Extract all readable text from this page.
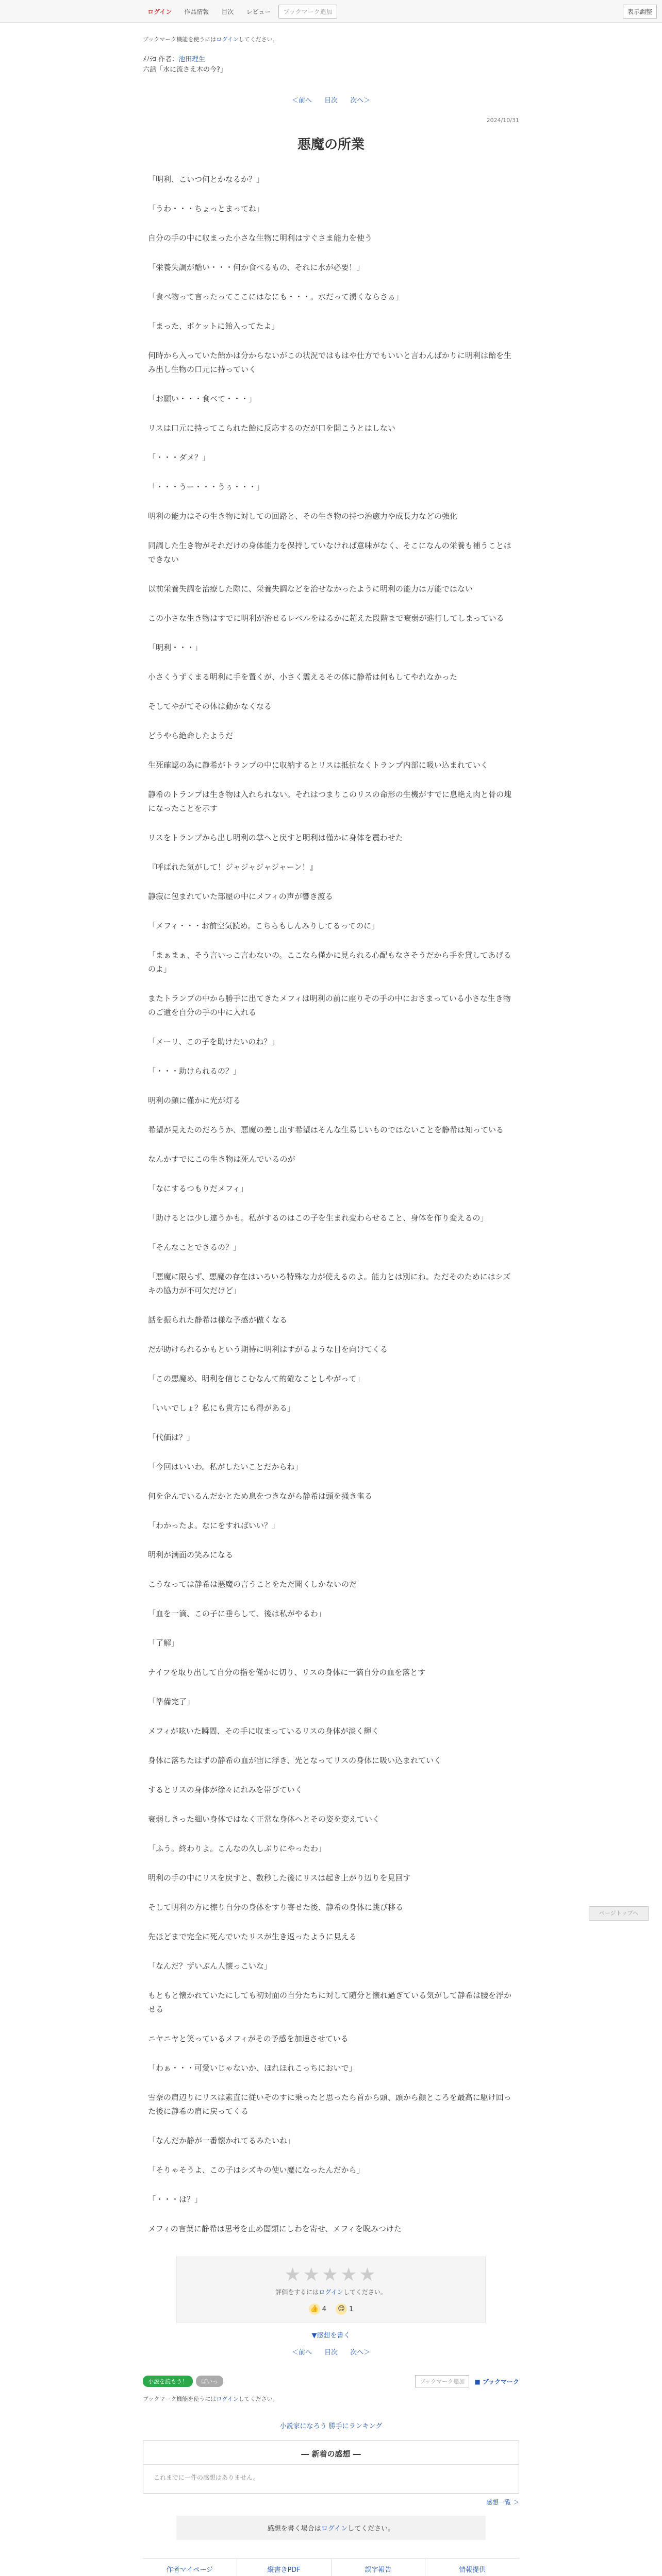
ログイン	作品情報	目次	レビュー	ブックマーク追加	表示調整
ブックマーク機能を使うにはログインしてください。
ﾒﾉﾗﾖ 作者：池田理生
六話「水に流さえ木の今?」
＜前へ 目次 次へ＞
2024/10/31
悪魔の所業

「明利、こいつ何とかなるか？」

「うわ・・・ちょっとまってね」

自分の手の中に収まった小さな生物に明利はすぐさま能力を使う

「栄養失調が酷い・・・何か食べるもの、それに水が必要！」

「食べ物って言ったってここにはなにも・・・。水だって湧くならさぁ」

「まった、ポケットに飴入ってたよ」

何時から入っていた飴かは分からないがこの状況ではもはや仕方でもいいと言わんばかりに明利は飴を生み出し生物の口元に持っていく

「お願い・・・食べて・・・」

リスは口元に持ってこられた飴に反応するのだが口を開こうとはしない

「・・・ダメ？」

「・・・うー・・・うぅ・・・」

明利の能力はその生き物に対しての回路と、その生き物の持つ治癒力や成長力などの強化

同調した生き物がそれだけの身体能力を保持していなければ意味がなく、そこになんの栄養も補うことはできない

以前栄養失調を治療した際に、栄養失調などを治せなかったように明利の能力は万能ではない

この小さな生き物はすでに明利が治せるレベルをはるかに超えた段階まで衰弱が進行してしまっている

「明利・・・」

小さくうずくまる明利に手を置くが、小さく震えるその体に静希は何もしてやれなかった

そしてやがてその体は動かなくなる

どうやら絶命したようだ

生死確認の為に静希がトランプの中に収納するとリスは抵抗なくトランプ内部に吸い込まれていく

静希のトランプは生き物は入れられない。それはつまりこのリスの命形の生機がすでに息絶え肉と骨の塊になったことを示す

リスをトランプから出し明利の掌へと戻すと明利は僅かに身体を震わせた

『呼ばれた気がして！ジャジャジャジャーン！』

静寂に包まれていた部屋の中にメフィの声が響き渡る

「メフィ・・・お前空気読め。こちらもしんみりしてるってのに」

「まぁまぁ、そう言いっこ言わないの。ここなら僅かに見られる心配もなさそうだから手を貸してあげるのよ」

またトランプの中から勝手に出てきたメフィは明利の前に座りその手の中におさまっている小さな生き物のご遺を自分の手の中に入れる

「メーリ、この子を助けたいのね？」

「・・・助けられるの？」

明利の顔に僅かに光が灯る

希望が見えたのだろうか、悪魔の差し出す希望はそんな生易しいものではないことを静希は知っている

なんかすでにこの生き物は死んでいるのが

「なにするつもりだメフィ」

「助けるとは少し違うかも。私がするのはこの子を生まれ変わらせること、身体を作り変えるの」

「そんなことできるの？」

「悪魔に限らず、悪魔の存在はいろいろ特殊な力が使えるのよ。能力とは別にね。ただそのためにはシズキの協力が不可欠だけど」

話を振られた静希は様な予感が做くなる

だが助けられるかもという期待に明利はすがるような目を向けてくる

「この悪魔め、明利を信じこむなんて的確なことしやがって」

「いいでしょ？私にも貴方にも得がある」

「代価は？」

「今回はいいわ。私がしたいことだからね」

何を企んでいるんだかとため息をつきながら静希は頭を掻き毟る

「わかったよ。なにをすればいい？」

明利が满面の笑みになる

こうなっては静希は悪魔の言うことをただ聞くしかないのだ

「血を一滴、この子に垂らして、後は私がやるわ」

「了解」

ナイフを取り出して自分の指を僅かに切り、リスの身体に一滴自分の血を落とす

「準備完了」

メフィが呟いた瞬間、その手に収まっているリスの身体が淡く輝く

身体に落ちたはずの静希の血が宙に浮き、光となってリスの身体に吸い込まれていく

するとリスの身体が徐々にれみを帯びていく

衰弱しきった細い身体ではなく正常な身体へとその姿を変えていく

「ふう。終わりよ。こんなの久しぶりにやったわ」

明利の手の中にリスを戻すと、数秒した後にリスは起き上がり辺りを見回す

そして明利の方に擦り自分の身体をすり寄せた後、静希の身体に跳び移る

先ほどまで完全に死んでいたリスが生き返ったように見える

「なんだ？ずいぶん人懐っこいな」

もともと懐かれていたにしても初対面の自分たちに対して随分と懐れ過ぎている気がして静希は腰を浮かせる

ニヤニヤと笑っているメフィがその予感を加速させている

「わぁ・・・可愛いじゃないか、ほれほれこっちにおいで」

雪奈の肩辺りにリスは素直に従いそのすに乗ったと思ったら首から頭、頭から顔ところを最高に駆け回った後に静希の肩に戻ってくる

「なんだか静が一番懐かれてるみたいね」

「そりゃそうよ、この子はシズキの使い魔になったんだから」

「・・・は？」

メフィの言葉に静希は思考を止め闇類にしわを寄せ、メフィを睨みつけた

★★★★★
評価をするにはログインしてください。
👍 4	😊 1
▼感想を書く
＜前へ 目次 次へ＞
小説を読もう！	ぽいっ	ブックマーク追加	■ ブックマーク
ブックマーク機能を使うにはログインしてください。
小説家になろう 勝手にランキング
― 新着の感想 ―
これまでに一件の感想はありません。
感想一覧 ＞
感想を書く場合はログインしてください。
作者マイページ	縦書きPDF	誤字報告	情報提供
ページトップへ
